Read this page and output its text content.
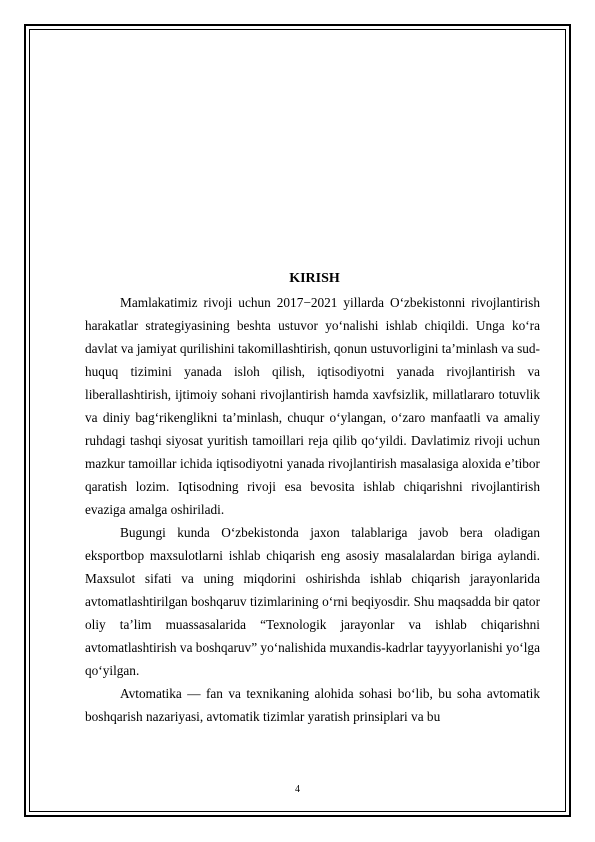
KIRISH

Mamlakatimiz rivoji uchun 2017−2021 yillarda O‘zbekistonni rivojlantirish harakatlar strategiyasining beshta ustuvor yo‘nalishi ishlab chiqildi. Unga ko‘ra davlat va jamiyat qurilishini takomillashtirish, qonun ustuvorligini ta’minlash va sud-huquq tizimini yanada isloh qilish, iqtisodiyotni yanada rivojlantirish va liberallashtirish, ijtimoiy sohani rivojlantirish hamda xavfsizlik, millatlararo totuvlik va diniy bag‘rikenglikni ta’minlash, chuqur o‘ylangan, o‘zaro manfaatli va amaliy ruhdagi tashqi siyosat yuritish tamoillari reja qilib qo‘yildi. Davlatimiz rivoji uchun mazkur tamoillar ichida iqtisodiyotni yanada rivojlantirish masalasiga aloxida e’tibor qaratish lozim. Iqtisodning rivoji esa bevosita ishlab chiqarishni rivojlantirish evaziga amalga oshiriladi.

Bugungi kunda O‘zbekistonda jaxon talablariga javob bera oladigan eksportbop maxsulotlarni ishlab chiqarish eng asosiy masalalardan biriga aylandi. Maxsulot sifati va uning miqdorini oshirishda ishlab chiqarish jarayonlarida avtomatlashtirilgan boshqaruv tizimlarining o‘rni beqiyosdir. Shu maqsadda bir qator oliy ta’lim muassasalarida “Texnologik jarayonlar va ishlab chiqarishni avtomatlashtirish va boshqaruv” yo‘nalishida muxandis-kadrlar tayyyorlanishi yo‘lga qo‘yilgan.

Avtomatika — fan va texnikaning alohida sohasi bo‘lib, bu soha avtomatik boshqarish nazariyasi, avtomatik tizimlar yaratish prinsiplari va bu

4
